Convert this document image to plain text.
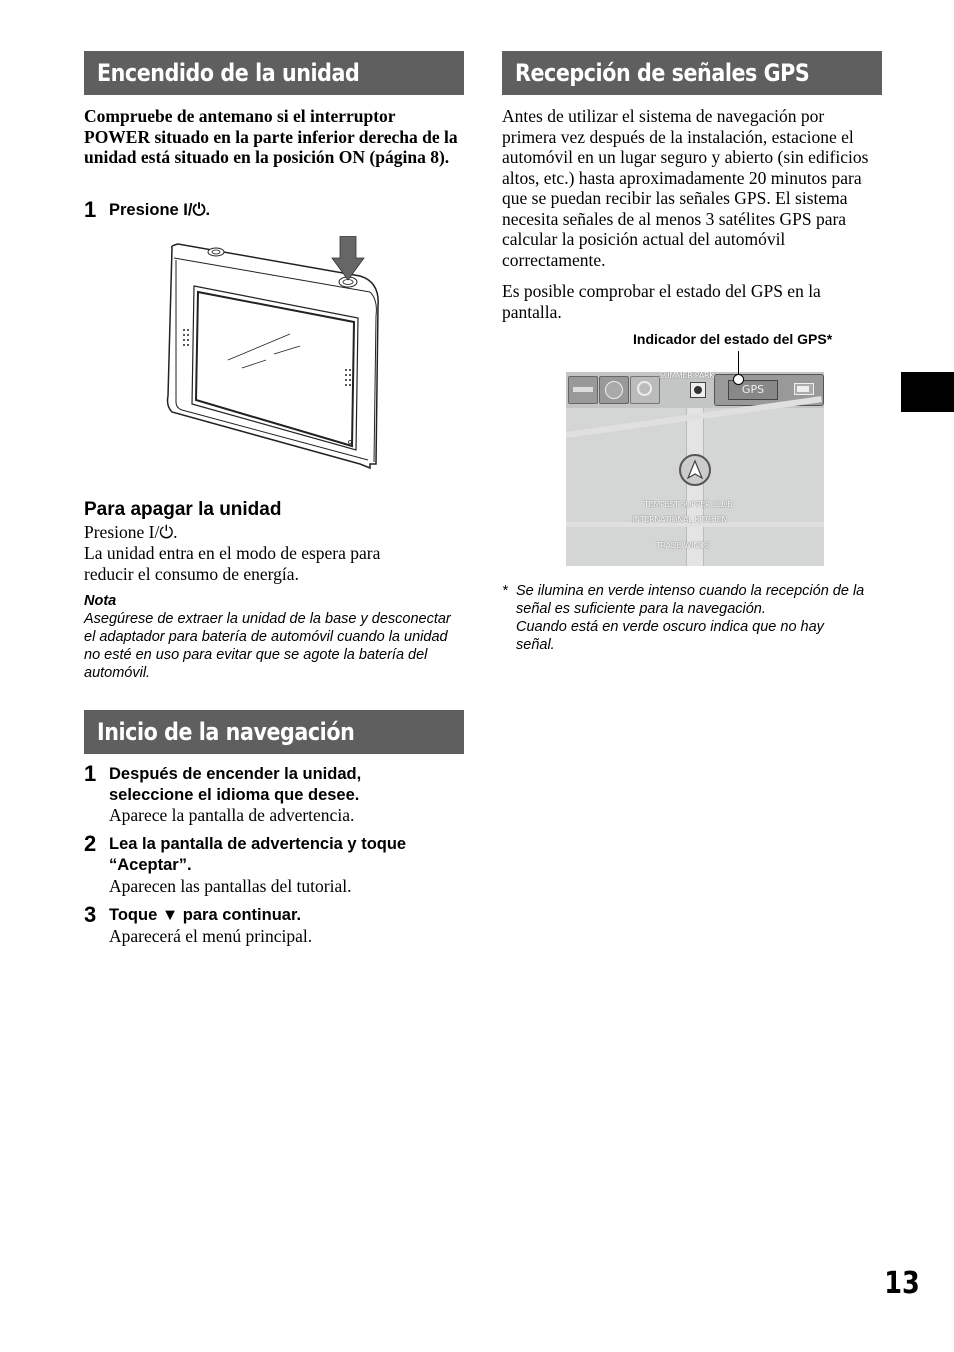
Encendido de la unidad
Compruebe de antemano si el interruptor POWER situado en la parte inferior derecha de la unidad está situado en la posición ON (página 8).
1 Presione I/⏻.
Para apagar la unidad
Presione I/⏻.
La unidad entra en el modo de espera para reducir el consumo de energía.
Nota
Asegúrese de extraer la unidad de la base y desconectar el adaptador para batería de automóvil cuando la unidad no esté en uso para evitar que se agote la batería del automóvil.
Inicio de la navegación
1 Después de encender la unidad, seleccione el idioma que desee.
Aparece la pantalla de advertencia.
2 Lea la pantalla de advertencia y toque “Aceptar”.
Aparecen las pantallas del tutorial.
3 Toque ▼ para continuar.
Aparecerá el menú principal.
Recepción de señales GPS
Antes de utilizar el sistema de navegación por primera vez después de la instalación, estacione el automóvil en un lugar seguro y abierto (sin edificios altos, etc.) hasta aproximadamente 20 minutos para que se puedan recibir las señales GPS. El sistema necesita señales de al menos 3 satélites GPS para calcular la posición actual del automóvil correctamente.
Es posible comprobar el estado del GPS en la pantalla.
Indicador del estado del GPS*
GPS
SUMMER PARK
TEMPEST SUPPER CLUB
INTERNATIONAL KITCHEN
TRADE WINDS
* Se ilumina en verde intenso cuando la recepción de la señal es suficiente para la navegación.
Cuando está en verde oscuro indica que no hay señal.
13
